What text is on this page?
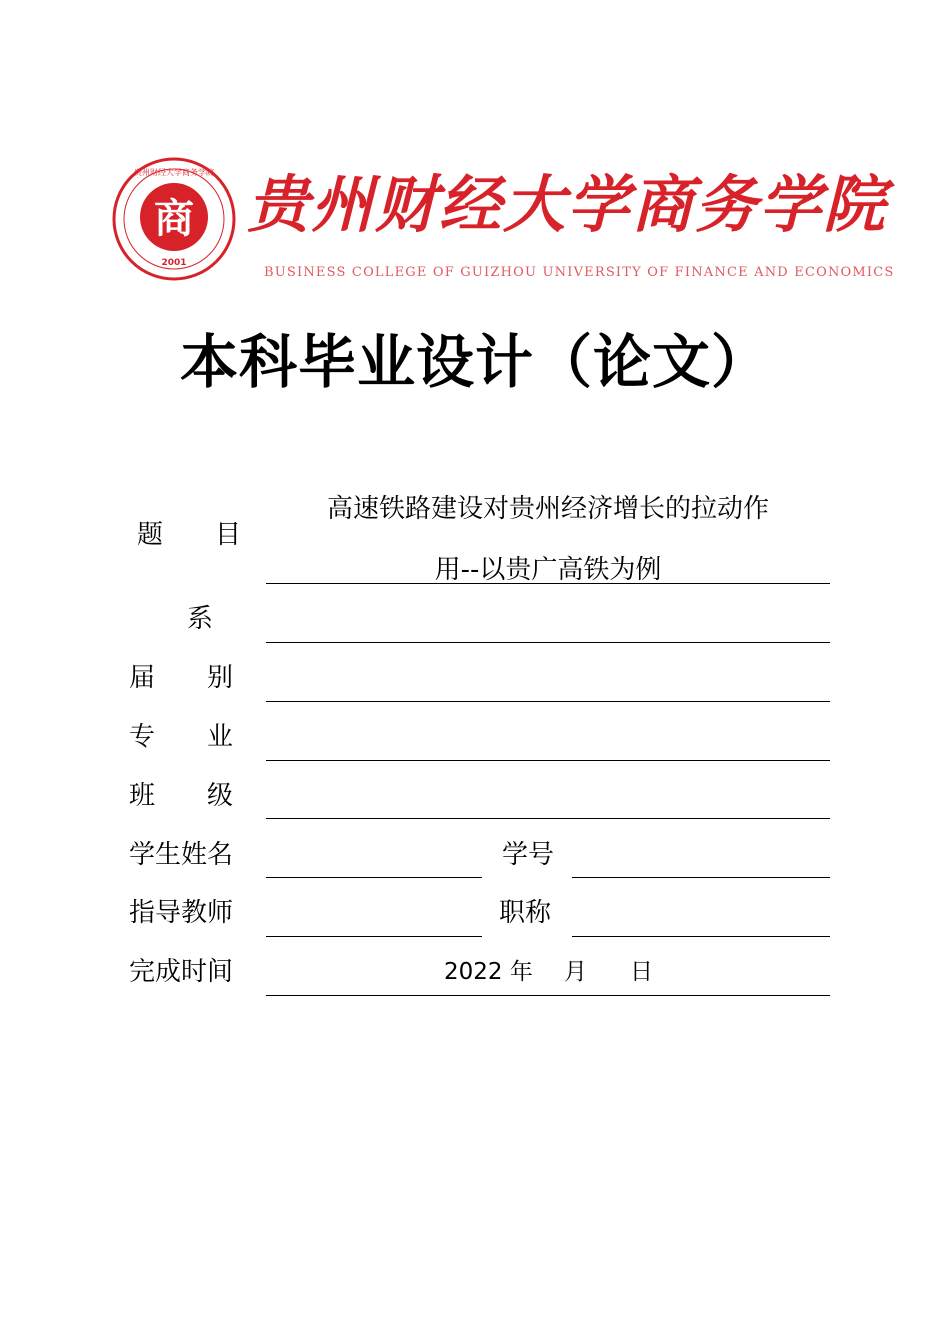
商
2001
贵州财经大学商务学院 贵州财经大学商务学院
BUSINESS COLLEGE OF GUIZHOU UNIVERSITY OF FINANCE AND ECONOMICS
本科毕业设计（论文）
题　　目
高速铁路建设对贵州经济增长的拉动作
用--以贵广高铁为例
系
届　　别
专　　业
班　　级
学生姓名	学号
指导教师	职称
完成时间	2022 年 月 日
